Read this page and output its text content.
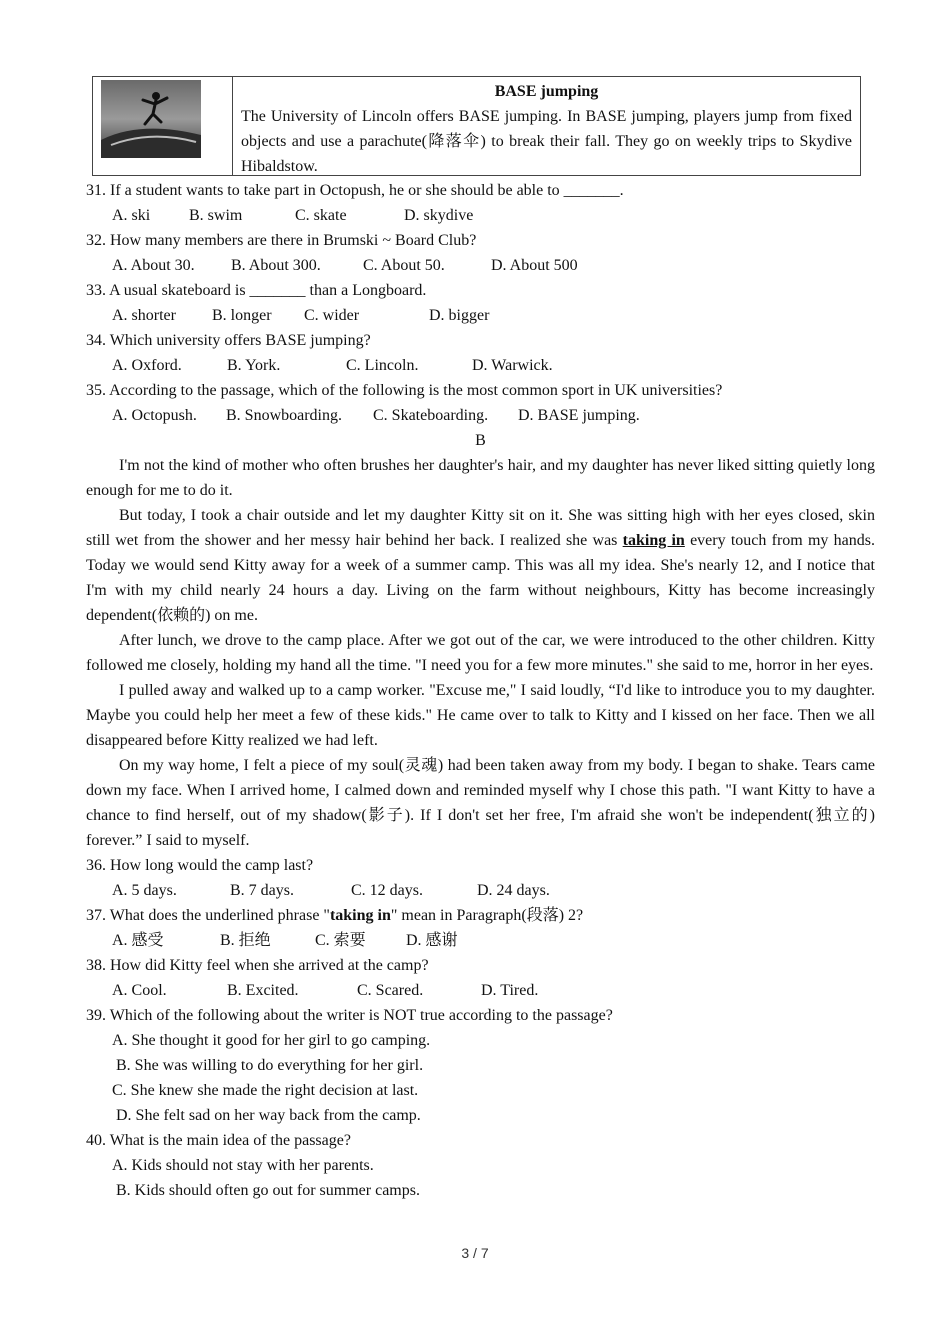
BASE jumping
The University of Lincoln offers BASE jumping. In BASE jumping, players jump from fixed objects and use a parachute(降落伞) to break their fall. They go on weekly trips to Skydive Hibaldstow.
31. If a student wants to take part in Octopush, he or she should be able to _______.
A. ski B. swim	C. skate	D. skydive
32. How many members are there in Brumski ~ Board Club?
A. About 30. B. About 300.	C. About 50.	D. About 500
33. A usual skateboard is _______ than a Longboard.
A. shorter B. longer C. wider	D. bigger
34. Which university offers BASE jumping?
A. Oxford.	B. York.	C. Lincoln.	D. Warwick.
35. According to the passage, which of the following is the most common sport in UK universities?
A. Octopush. B. Snowboarding. C. Skateboarding. D. BASE jumping.
B
I'm not the kind of mother who often brushes her daughter's hair, and my daughter has never liked sitting quietly long enough for me to do it.
But today, I took a chair outside and let my daughter Kitty sit on it. She was sitting high with her eyes closed, skin still wet from the shower and her messy hair behind her back. I realized she was taking in every touch from my hands. Today we would send Kitty away for a week of a summer camp. This was all my idea. She's nearly 12, and I notice that I'm with my child nearly 24 hours a day. Living on the farm without neighbours, Kitty has become increasingly dependent(依赖的) on me.
After lunch, we drove to the camp place. After we got out of the car, we were introduced to the other children. Kitty followed me closely, holding my hand all the time. "I need you for a few more minutes." she said to me, horror in her eyes.
I pulled away and walked up to a camp worker. "Excuse me," I said loudly, “I'd like to introduce you to my daughter. Maybe you could help her meet a few of these kids." He came over to talk to Kitty and I kissed on her face. Then we all disappeared before Kitty realized we had left.
On my way home, I felt a piece of my soul(灵魂) had been taken away from my body. I began to shake. Tears came down my face. When I arrived home, I calmed down and reminded myself why I chose this path. "I want Kitty to have a chance to find herself, out of my shadow(影子). If I don't set her free, I'm afraid she won't be independent(独立的) forever.” I said to myself.
36. How long would the camp last?
A. 5 days.	B. 7 days.	C. 12 days.	D. 24 days.
37. What does the underlined phrase "taking in" mean in Paragraph(段落) 2?
A. 感受	B. 拒绝	C. 索要	D. 感谢
38. How did Kitty feel when she arrived at the camp?
A. Cool.	B. Excited.	C. Scared.	D. Tired.
39. Which of the following about the writer is NOT true according to the passage?
A. She thought it good for her girl to go camping.
B. She was willing to do everything for her girl.
C. She knew she made the right decision at last.
D. She felt sad on her way back from the camp.
40. What is the main idea of the passage?
A. Kids should not stay with her parents.
B. Kids should often go out for summer camps.
3 / 7
